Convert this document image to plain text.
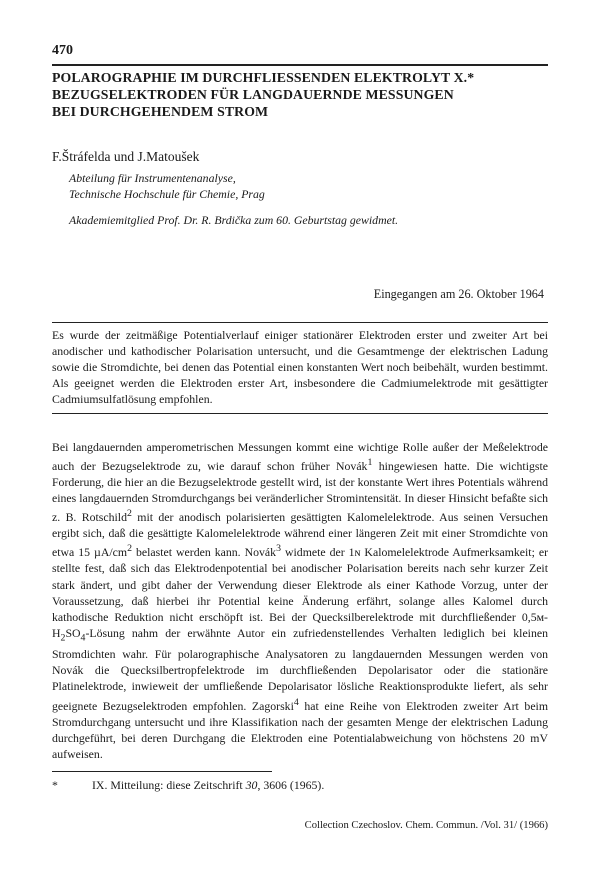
470
POLAROGRAPHIE IM DURCHFLIESSENDEN ELEKTROLYT X.*
BEZUGSELEKTRODEN FÜR LANGDAUERNDE MESSUNGEN
BEI DURCHGEHENDEM STROM
F.Štráfelda und J.Matoušek
Abteilung für Instrumentenanalyse,
Technische Hochschule für Chemie, Prag
Akademiemitglied Prof. Dr. R. Brdička zum 60. Geburtstag gewidmet.
Eingegangen am 26. Oktober 1964

Es wurde der zeitmäßige Potentialverlauf einiger stationärer Elektroden erster und zweiter Art bei anodischer und kathodischer Polarisation untersucht, und die Gesamtmenge der elektrischen Ladung sowie die Stromdichte, bei denen das Potential einen konstanten Wert noch beibehält, wurden bestimmt. Als geeignet werden die Elektroden erster Art, insbesondere die Cadmiumelektrode mit gesättigter Cadmiumsulfatlösung empfohlen.

Bei langdauernden amperometrischen Messungen kommt eine wichtige Rolle außer der Meßelektrode auch der Bezugselektrode zu, wie darauf schon früher Novák$^1$ hingewiesen hatte. Die wichtigste Forderung, die hier an die Bezugselektrode gestellt wird, ist der konstante Wert ihres Potentials während eines langdauernden Stromdurchgangs bei veränderlicher Stromintensität. In dieser Hinsicht befaßte sich z. B. Rotschild$^2$ mit der anodisch polarisierten gesättigten Kalomelelektrode. Aus seinen Versuchen ergibt sich, daß die gesättigte Kalomelelektrode während einer längeren Zeit mit einer Stromdichte von etwa 15 $\mu A/cm^2$ belastet werden kann. Novák$^3$ widmete der 1ɴ Kalomelelektrode Aufmerksamkeit; er stellte fest, daß sich das Elektrodenpotential bei anodischer Polarisation bereits nach sehr kurzer Zeit stark ändert, und gibt daher der Verwendung dieser Elektrode als einer Kathode Vorzug, unter der Voraussetzung, daß hierbei ihr Potential keine Änderung erfährt, solange alles Kalomel durch kathodische Reduktion nicht erschöpft ist. Bei der Quecksilberelektrode mit durchfließender $0,5ᴍ-H_2SO_4$-Lösung nahm der erwähnte Autor ein zufriedenstellendes Verhalten lediglich bei kleinen Stromdichten wahr. Für polarographische Analysatoren zu langdauernden Messungen werden von Novák die Quecksilbertropfelektrode im durchfließenden Depolarisator oder die stationäre Platinelektrode, inwieweit der umfließende Depolarisator lösliche Reaktionsprodukte liefert, als sehr geeignete Bezugselektroden empfohlen. Zagorski$^4$ hat eine Reihe von Elektroden zweiter Art beim Stromdurchgang untersucht und ihre Klassifikation nach der gesamten Menge der elektrischen Ladung durchgeführt, bei deren Durchgang die Elektroden eine Potentialabweichung von höchstens 20 mV aufweisen.

*	IX. Mitteilung: diese Zeitschrift 30, 3606 (1965).
Collection Czechoslov. Chem. Commun. /Vol. 31/ (1966)
